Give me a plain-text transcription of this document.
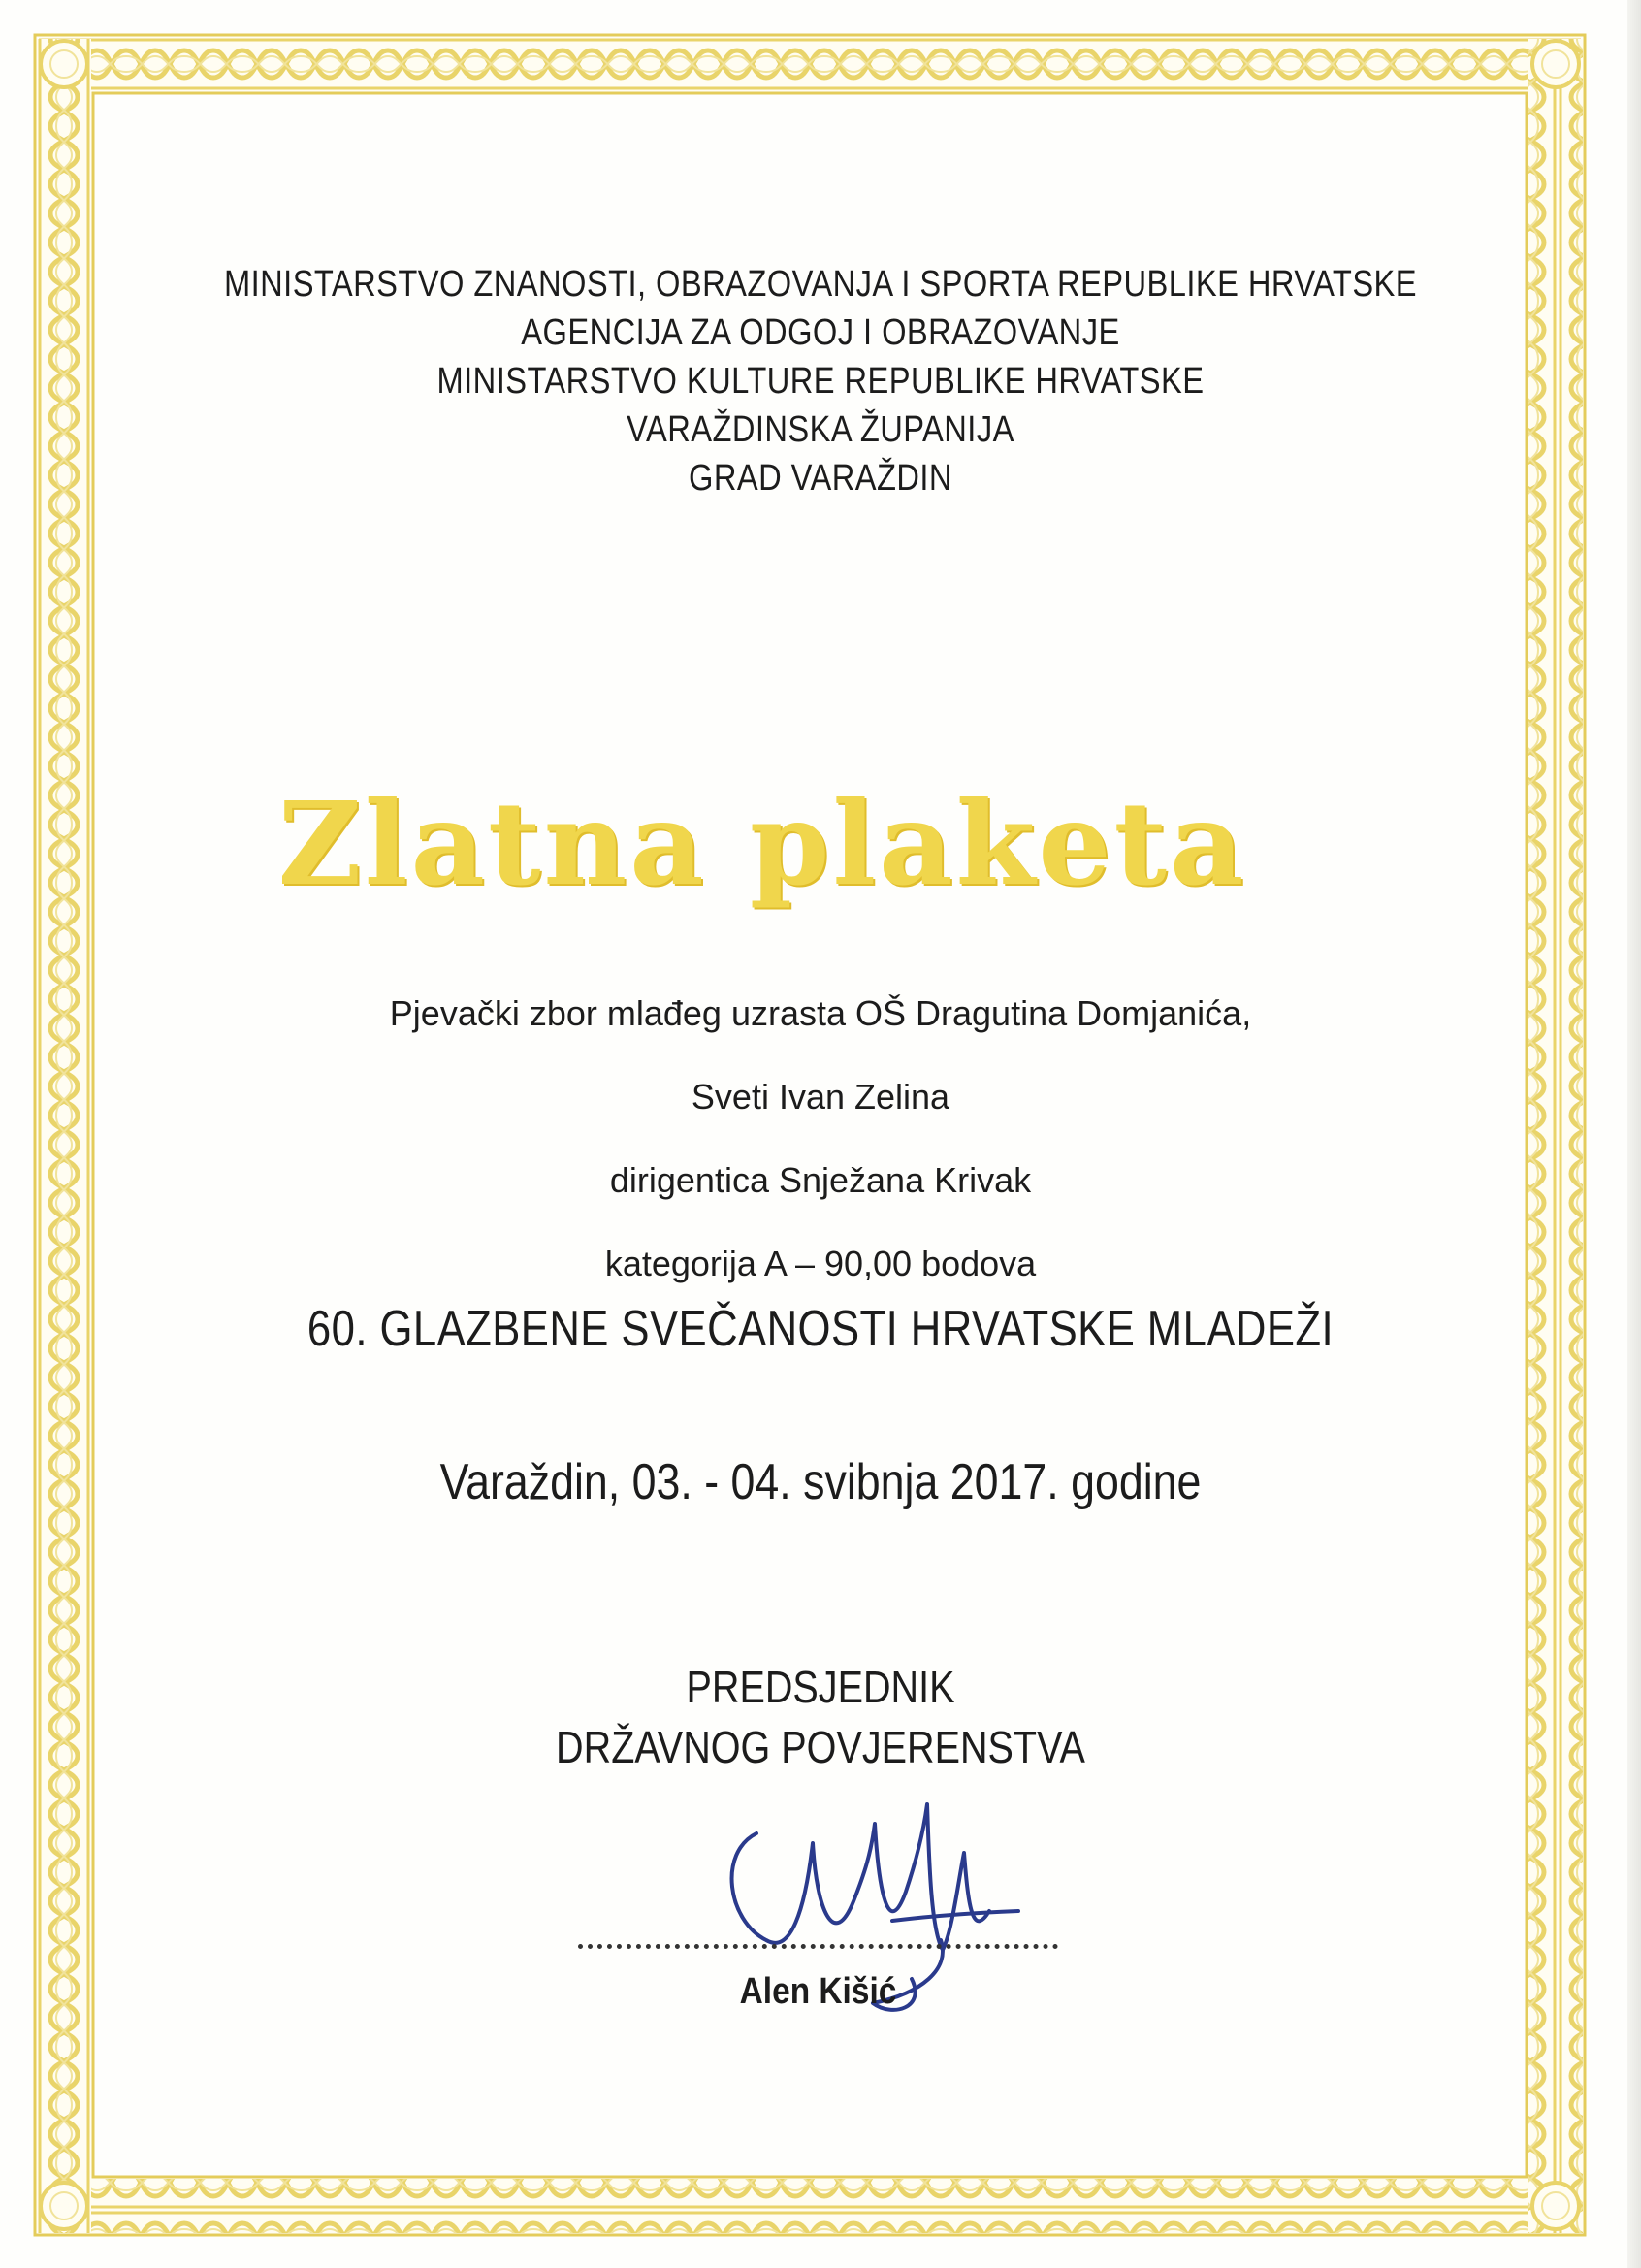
MINISTARSTVO ZNANOSTI, OBRAZOVANJA I SPORTA REPUBLIKE HRVATSKE
AGENCIJA ZA ODGOJ I OBRAZOVANJE
MINISTARSTVO KULTURE REPUBLIKE HRVATSKE
VARAŽDINSKA ŽUPANIJA
GRAD VARAŽDIN
Zlatna plaketa
Pjevački zbor mlađeg uzrasta OŠ Dragutina Domjanića,
Sveti Ivan Zelina
dirigentica Snježana Krivak
kategorija A – 90,00 bodova
60. GLAZBENE SVEČANOSTI HRVATSKE MLADEŽI
Varaždin, 03. - 04. svibnja 2017. godine
PREDSJEDNIK
DRŽAVNOG POVJERENSTVA
Alen Kišić
